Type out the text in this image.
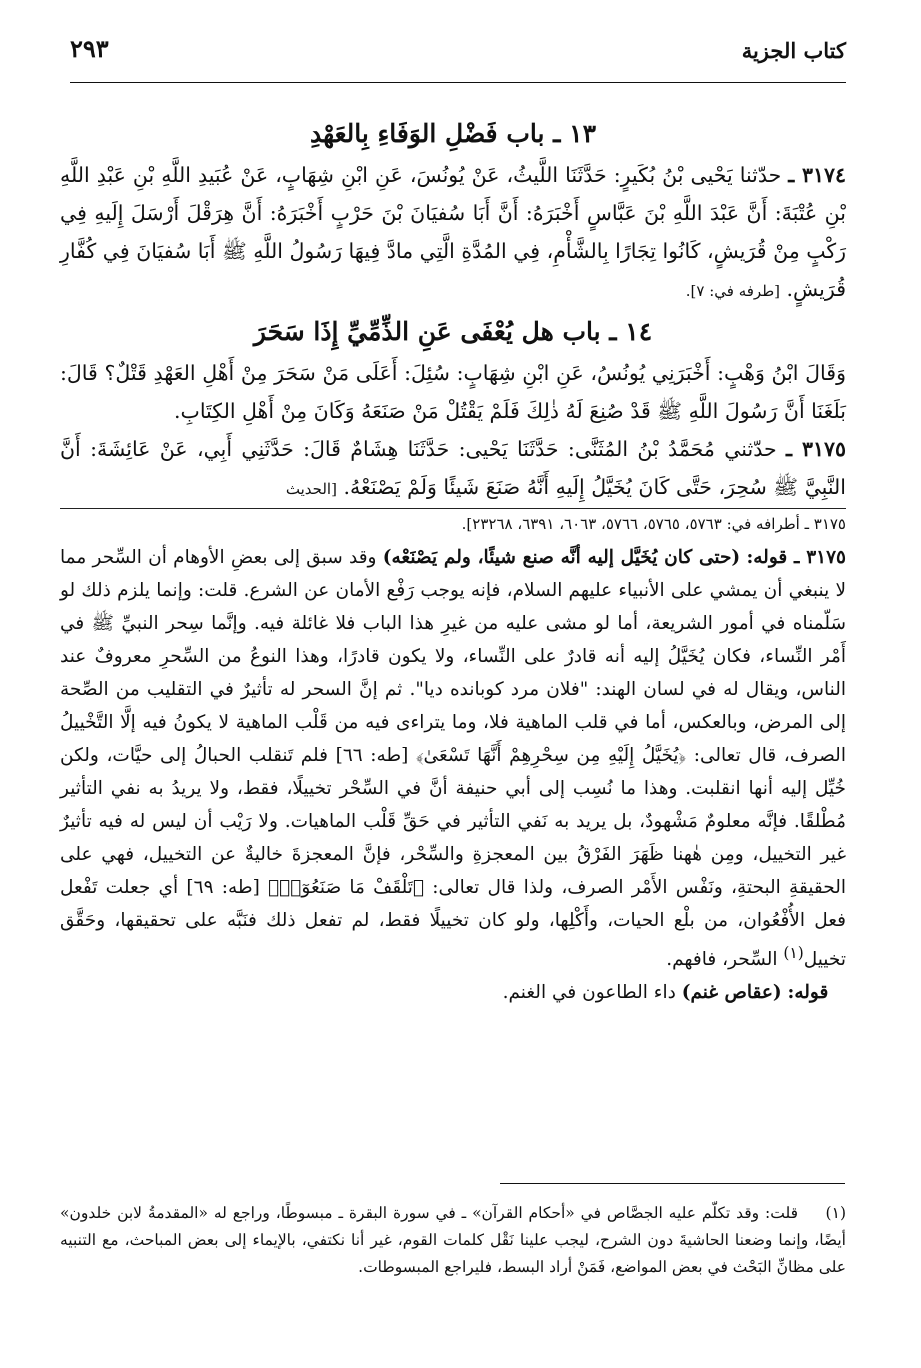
كتاب الجزية
٢٩٣
١٣ ـ باب فَضْلِ الوَفَاءِ بِالعَهْدِ

٣١٧٤ ـ حدّثنا يَحْيى بْنُ بُكَيرٍ: حَدَّثَنَا اللَّيثُ، عَنْ يُونُسَ، عَنِ ابْنِ شِهَابٍ، عَنْ عُبَيدِ اللَّهِ بْنِ عَبْدِ اللَّهِ بْنِ عُتْبَةَ: أَنَّ عَبْدَ اللَّهِ بْنَ عَبَّاسٍ أَخْبَرَهُ: أَنَّ أَبَا سُفيَانَ بْنَ حَرْبٍ أَخْبَرَهُ: أَنَّ هِرَقْلَ أَرْسَلَ إِلَيهِ فِي رَكْبٍ مِنْ قُرَيشٍ، كَانُوا تِجَارًا بِالشَّأْمِ، فِي المُدَّةِ الَّتِي مادَّ فِيهَا رَسُولُ اللَّهِ ﷺ أَبَا سُفيَانَ فِي كُفَّارِ قُرَيشٍ. [طرفه في: ٧].

١٤ ـ باب هل يُعْفَى عَنِ الذِّمِّيِّ إِذَا سَحَرَ

وَقَالَ ابْنُ وَهْبٍ: أَخْبَرَنِي يُونُسُ، عَنِ ابْنِ شِهَابٍ: سُئِلَ: أَعَلَى مَنْ سَحَرَ مِنْ أَهْلِ العَهْدِ قَتْلٌ؟ قَالَ: بَلَغَنَا أَنَّ رَسُولَ اللَّهِ ﷺ قَدْ صُنِعَ لَهُ ذٰلِكَ فَلَمْ يَقْتُلْ مَنْ صَنَعَهُ وَكَانَ مِنْ أَهْلِ الكِتَابِ.

٣١٧٥ ـ حدّثني مُحَمَّدُ بْنُ المُثَنَّى: حَدَّثَنَا يَحْيى: حَدَّثَنَا هِشَامٌ قَالَ: حَدَّثَنِي أَبِي، عَنْ عَائِشَةَ: أَنَّ النَّبِيَّ ﷺ سُحِرَ، حَتَّى كَانَ يُخَيَّلُ إِلَيهِ أَنَّهُ صَنَعَ شَيئًا وَلَمْ يَصْنَعْهُ. [الحديث

٣١٧٥ ـ أطرافه في: ٥٧٦٣، ٥٧٦٥، ٥٧٦٦، ٦٠٦٣، ٦٣٩١، ٢٣٢٦٨].

٣١٧٥ ـ قوله: (حتى كان يُخَيَّل إليه أنَّه صنع شيئًا، ولم يَصْنَعْه) وقد سبق إلى بعضِ الأوهام أن السِّحر مما لا ينبغي أن يمشي على الأنبياء عليهم السلام، فإنه يوجب رَفْع الأمان عن الشرع. قلت: وإنما يلزم ذلك لو سَلّمناه في أمور الشريعة، أما لو مشى عليه من غيرِ هذا الباب فلا غائلة فيه. وإنَّما سِحر النبيِّ ﷺ في أَمْر النِّساء، فكان يُخَيَّلُ إليه أنه قادرٌ على النِّساء، ولا يكون قادرًا، وهذا النوعُ من السِّحرِ معروفٌ عند الناس، ويقال له في لسان الهند: "فلان مرد كوبانده ديا". ثم إنَّ السحر له تأثيرٌ في التقليب من الصِّحة إلى المرض، وبالعكس، أما في قلب الماهية فلا، وما يتراءى فيه من قَلْب الماهية لا يكونُ فيه إلَّا التَّخْييلُ الصرف، قال تعالى: ﴿يُخَيَّلُ إِلَيْهِ مِن سِحْرِهِمْ أَنَّهَا تَسْعَىٰ﴾ [طه: ٦٦] فلم تَنقلب الحبالُ إلى حيَّات، ولكن خُيِّل إليه أنها انقلبت. وهذا ما نُسِب إلى أبي حنيفة أنَّ في السِّحْر تخييلًا، فقط، ولا يريدُ به نفي التأثير مُطْلقًا. فإنَّه معلومٌ مَشْهودٌ، بل يريد به نَفي التأثير في حَقِّ قَلْب الماهيات. ولا رَيْب أن ليس له فيه تأثيرٌ غير التخييل، ومِن هٰهنا ظَهَرَ الفَرْقُ بين المعجزةِ والسِّحْر، فإنَّ المعجزةَ خاليةٌ عن التخييل، فهي على الحقيقةِ البحتةِ، ونَفْس الأَمْر الصرف، ولذا قال تعالى: ﴿تَلْقَفْ مَا صَنَعُوٓا۟﴾ [طه: ٦٩] أي جعلت تَفْعل فعل الأُفْعُوان، من بلْع الحيات، وأَكْلِها، ولو كان تخييلًا فقط، لم تفعل ذلك فنَبَّه على تحقيقها، وحَقَّق تخييل$^{(١)}$ السِّحر، فافهم.

قوله: (عقاص غنم) داء الطاعون في الغنم.

(١)قلت: وقد تكلّم عليه الجصَّاص في «أحكام القرآن» ـ في سورة البقرة ـ مبسوطًا، وراجع له «المقدمةُ لابن خلدون» أيضًا، وإنما وضعنا الحاشيةَ دون الشرح، ليجب علينا نَقْل كلمات القوم، غير أنا نكتفي، بالإيماء إلى بعض المباحث، مع التنبيه على مظانِّ البَحْث في بعض المواضع، فَمَنْ أراد البسط، فليراجع المبسوطات.
